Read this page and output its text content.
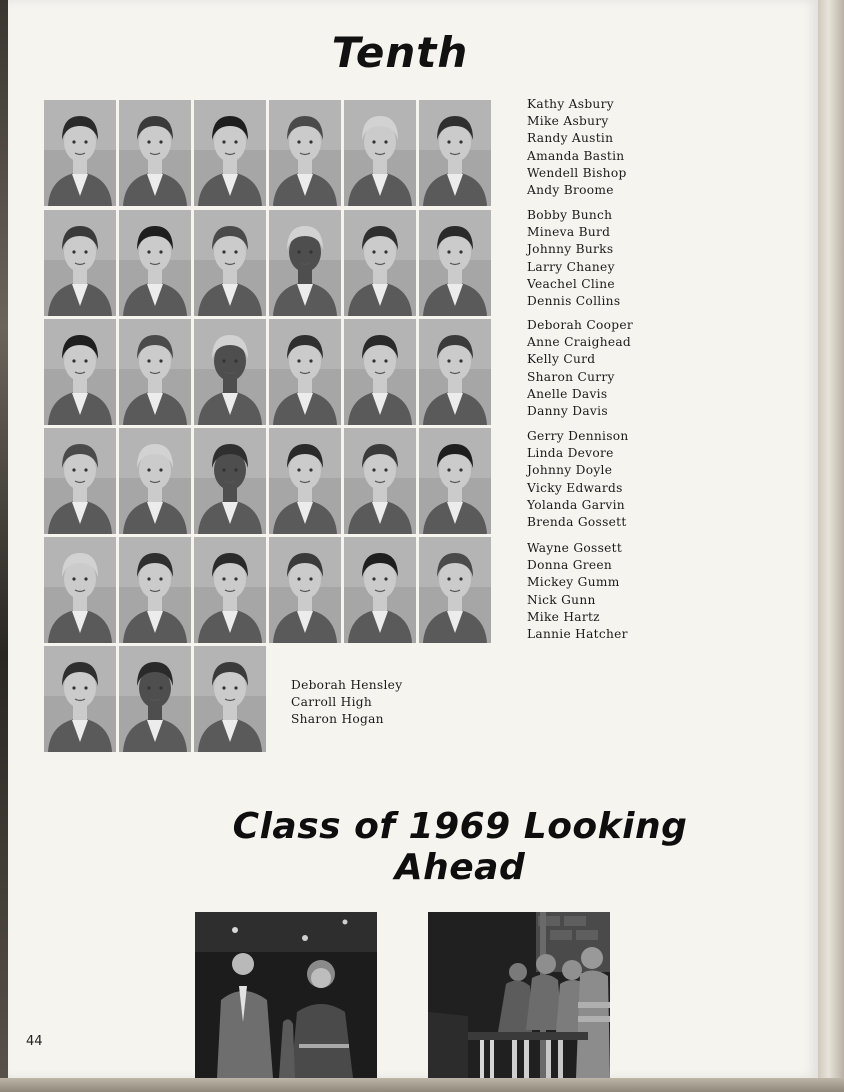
Tenth
Kathy Asbury
Mike Asbury
Randy Austin
Amanda Bastin
Wendell Bishop
Andy Broome
Bobby Bunch
Mineva Burd
Johnny Burks
Larry Chaney
Veachel Cline
Dennis Collins
Deborah Cooper
Anne Craighead
Kelly Curd
Sharon Curry
Anelle Davis
Danny Davis
Gerry Dennison
Linda Devore
Johnny Doyle
Vicky Edwards
Yolanda Garvin
Brenda Gossett
Wayne Gossett
Donna Green
Mickey Gumm
Nick Gunn
Mike Hartz
Lannie Hatcher
Deborah Hensley
Carroll High
Sharon Hogan
Class of 1969 Looking Ahead
44
